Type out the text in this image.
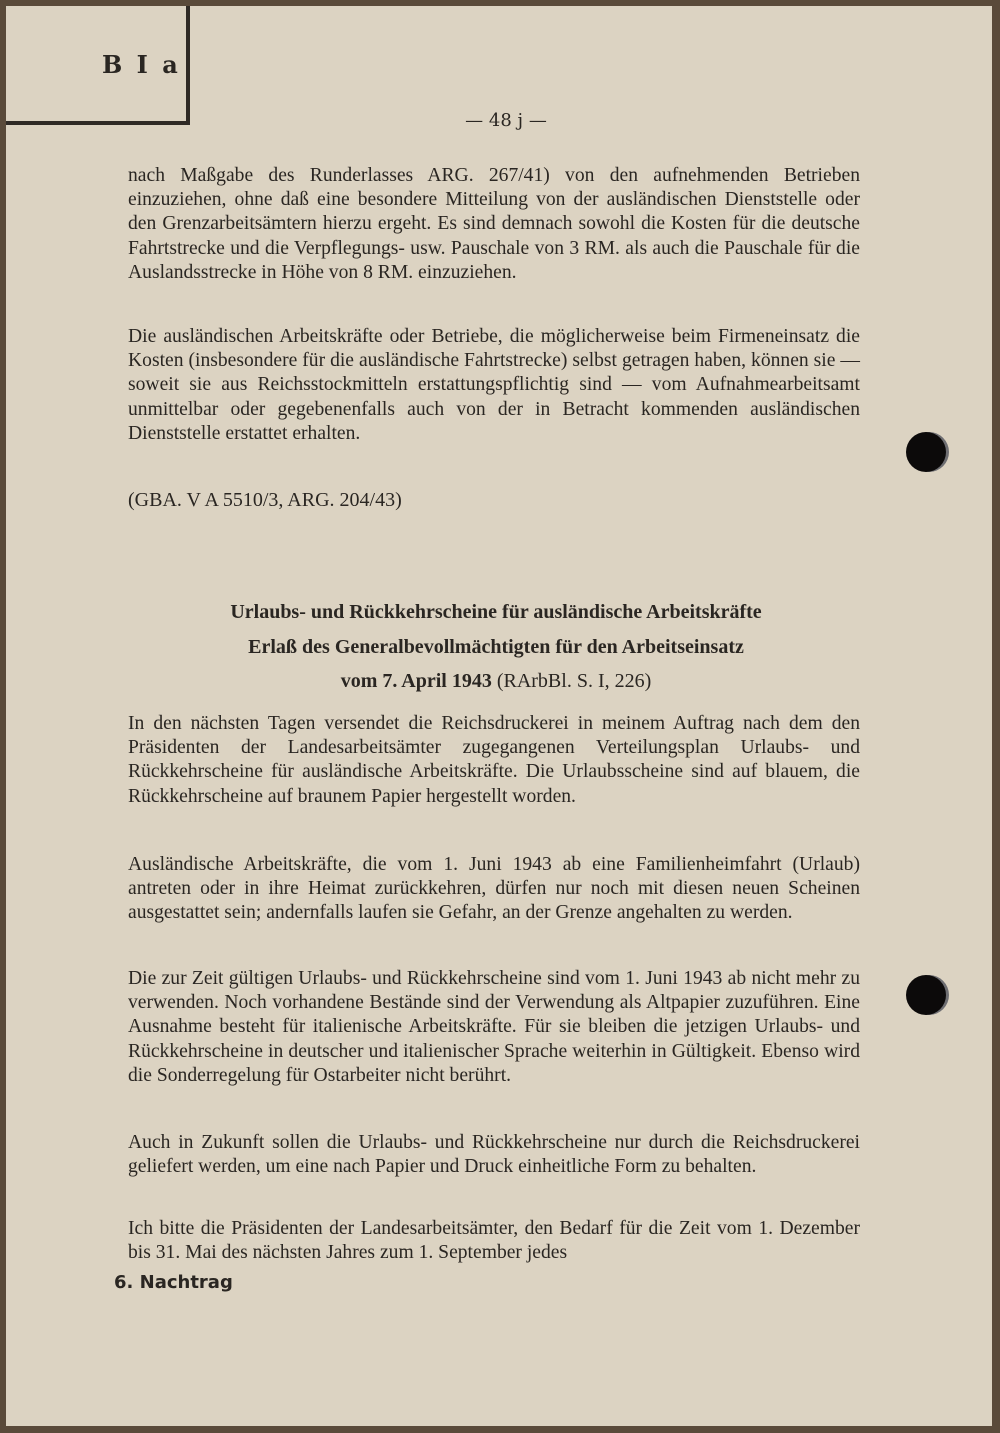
B I a
— 48 j —

nach Maßgabe des Runderlasses ARG. 267/41) von den aufnehmenden Betrieben einzuziehen, ohne daß eine besondere Mitteilung von der ausländischen Dienststelle oder den Grenzarbeitsämtern hierzu ergeht. Es sind demnach sowohl die Kosten für die deutsche Fahrtstrecke und die Verpflegungs- usw. Pauschale von 3 RM. als auch die Pauschale für die Auslandsstrecke in Höhe von 8 RM. einzuziehen.

Die ausländischen Arbeitskräfte oder Betriebe, die möglicherweise beim Firmeneinsatz die Kosten (insbesondere für die ausländische Fahrtstrecke) selbst getragen haben, können sie — soweit sie aus Reichsstockmitteln erstattungspflichtig sind — vom Aufnahmearbeitsamt unmittelbar oder gegebenenfalls auch von der in Betracht kommenden ausländischen Dienststelle erstattet erhalten.

(GBA. V A 5510/3, ARG. 204/43)

Urlaubs- und Rückkehrscheine für ausländische Arbeitskräfte

Erlaß des Generalbevollmächtigten für den Arbeitseinsatz

vom 7. April 1943 (RArbBl. S. I, 226)

In den nächsten Tagen versendet die Reichsdruckerei in meinem Auftrag nach dem den Präsidenten der Landesarbeitsämter zugegangenen Verteilungsplan Urlaubs- und Rückkehrscheine für ausländische Arbeitskräfte. Die Urlaubsscheine sind auf blauem, die Rückkehrscheine auf braunem Papier hergestellt worden.

Ausländische Arbeitskräfte, die vom 1. Juni 1943 ab eine Familienheimfahrt (Urlaub) antreten oder in ihre Heimat zurückkehren, dürfen nur noch mit diesen neuen Scheinen ausgestattet sein; andernfalls laufen sie Gefahr, an der Grenze angehalten zu werden.

Die zur Zeit gültigen Urlaubs- und Rückkehrscheine sind vom 1. Juni 1943 ab nicht mehr zu verwenden. Noch vorhandene Bestände sind der Verwendung als Altpapier zuzuführen. Eine Ausnahme besteht für italienische Arbeitskräfte. Für sie bleiben die jetzigen Urlaubs- und Rückkehrscheine in deutscher und italienischer Sprache weiterhin in Gültigkeit. Ebenso wird die Sonderregelung für Ostarbeiter nicht berührt.

Auch in Zukunft sollen die Urlaubs- und Rückkehrscheine nur durch die Reichsdruckerei geliefert werden, um eine nach Papier und Druck einheitliche Form zu behalten.

Ich bitte die Präsidenten der Landesarbeitsämter, den Bedarf für die Zeit vom 1. Dezember bis 31. Mai des nächsten Jahres zum 1. September jedes

6. Nachtrag
